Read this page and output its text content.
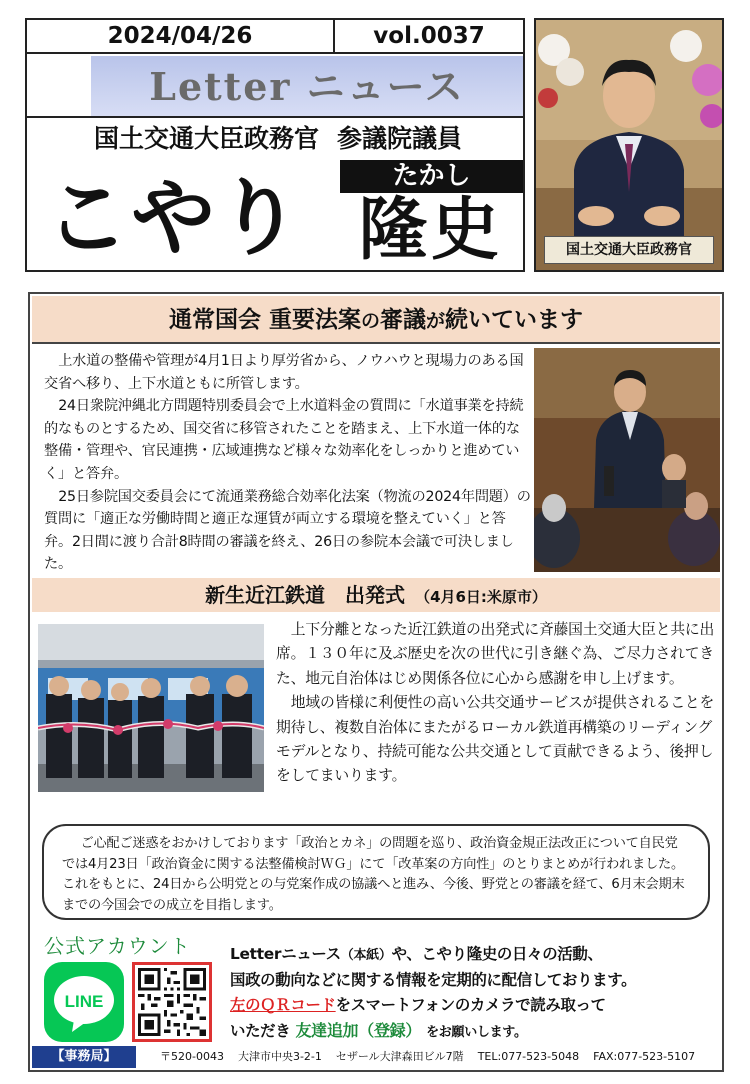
2024/04/26	vol.0037
Letter ニュース
国土交通大臣政務官 参議院議員
たかし
こやり 隆史	国土交通大臣政務官
通常国会 重要法案の審議が続いています

上水道の整備や管理が4月1日より厚労省から、ノウハウと現場力のある国交省へ移り、上下水道ともに所管します。

24日衆院沖縄北方問題特別委員会で上水道料金の質問に「水道事業を持続的なものとするため、国交省に移管されたことを踏まえ、上下水道一体的な整備・管理や、官民連携・広域連携など様々な効率化をしっかりと進めていく」と答弁。

25日参院国交委員会にて流通業務総合効率化法案（物流の2024年問題）の質問に「適正な労働時間と適正な運賃が両立する環境を整えていく」と答弁。2日間に渡り合計8時間の審議を終え、26日の参院本会議で可決しました。

新生近江鉄道　出発式 （4月6日:米原市）

上下分離となった近江鉄道の出発式に斉藤国土交通大臣と共に出席。１３０年に及ぶ歴史を次の世代に引き継ぐ為、ご尽力されてきた、地元自治体はじめ関係各位に心から感謝を申し上げます。

地域の皆様に利便性の高い公共交通サービスが提供されることを期待し、複数自治体にまたがるローカル鉄道再構築のリーディングモデルとなり、持続可能な公共交通として貢献できるよう、後押しをしてまいります。

ご心配ご迷惑をおかけしております「政治とカネ」の問題を巡り、政治資金規正法改正について自民党では4月23日「政治資金に関する法整備検討ＷＧ」にて「改革案の方向性」のとりまとめが行われました。これをもとに、24日から公明党との与党案作成の協議へと進み、今後、野党との審議を経て、6月末会期末までの今国会での成立を目指します。

公式アカウント
LINE
Letterニュース（本紙）や、こやり隆史の日々の活動、
国政の動向などに関する情報を定期的に配信しております。
左のＱＲコードをスマートフォンのカメラで読み取って
いただき 友達追加（登録） をお願いします。
【事務局】	〒520-0043 大津市中央3-2-1 セザール大津森田ビル7階 TEL:077-523-5048 FAX:077-523-5107
